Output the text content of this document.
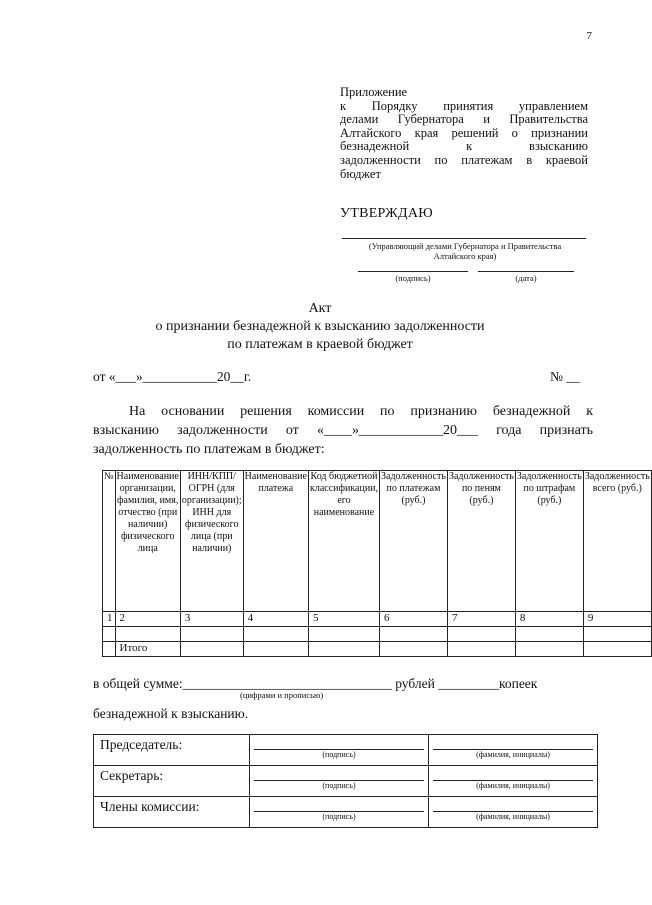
7
Приложение
к Порядку принятия управлением
делами Губернатора и Правительства
Алтайского края решений о признании
безнадежной к взысканию
задолженности по платежам в краевой
бюджет
УТВЕРЖДАЮ
(Управляющий делами Губернатора и Правительства
Алтайского края)
(подпись)	(дата)
Акт
о признании безнадежной к взысканию задолженности
по платежам в краевой бюджет
от «___»___________20__г.	№ __
На основании решения комиссии по признанию безнадежной к
взысканию задолженности от «____»____________20___ года признать
задолженность по платежам в бюджет:
№	Наименование организации, фамилия, имя, отчество (при наличии) физического лица	ИНН/КПП/ ОГРН (для организации); ИНН для физического лица (при наличии)	Наименование платежа	Код бюджетной классификации, его наименование	Задолженность по платежам (руб.)	Задолженность по пеням (руб.)	Задолженность по штрафам (руб.)	Задолженность всего (руб.)
1	2	3	4	5	6	7	8	9

	Итого							
в общей сумме:_______________________________ рублей _________копеек
(цифрами и прописью)
безнадежной к взысканию.
Председатель:	(подпись)	(фамилия, инициалы)

Секретарь:	(подпись)	(фамилия, инициалы)

Члены комиссии:	(подпись)	(фамилия, инициалы)
